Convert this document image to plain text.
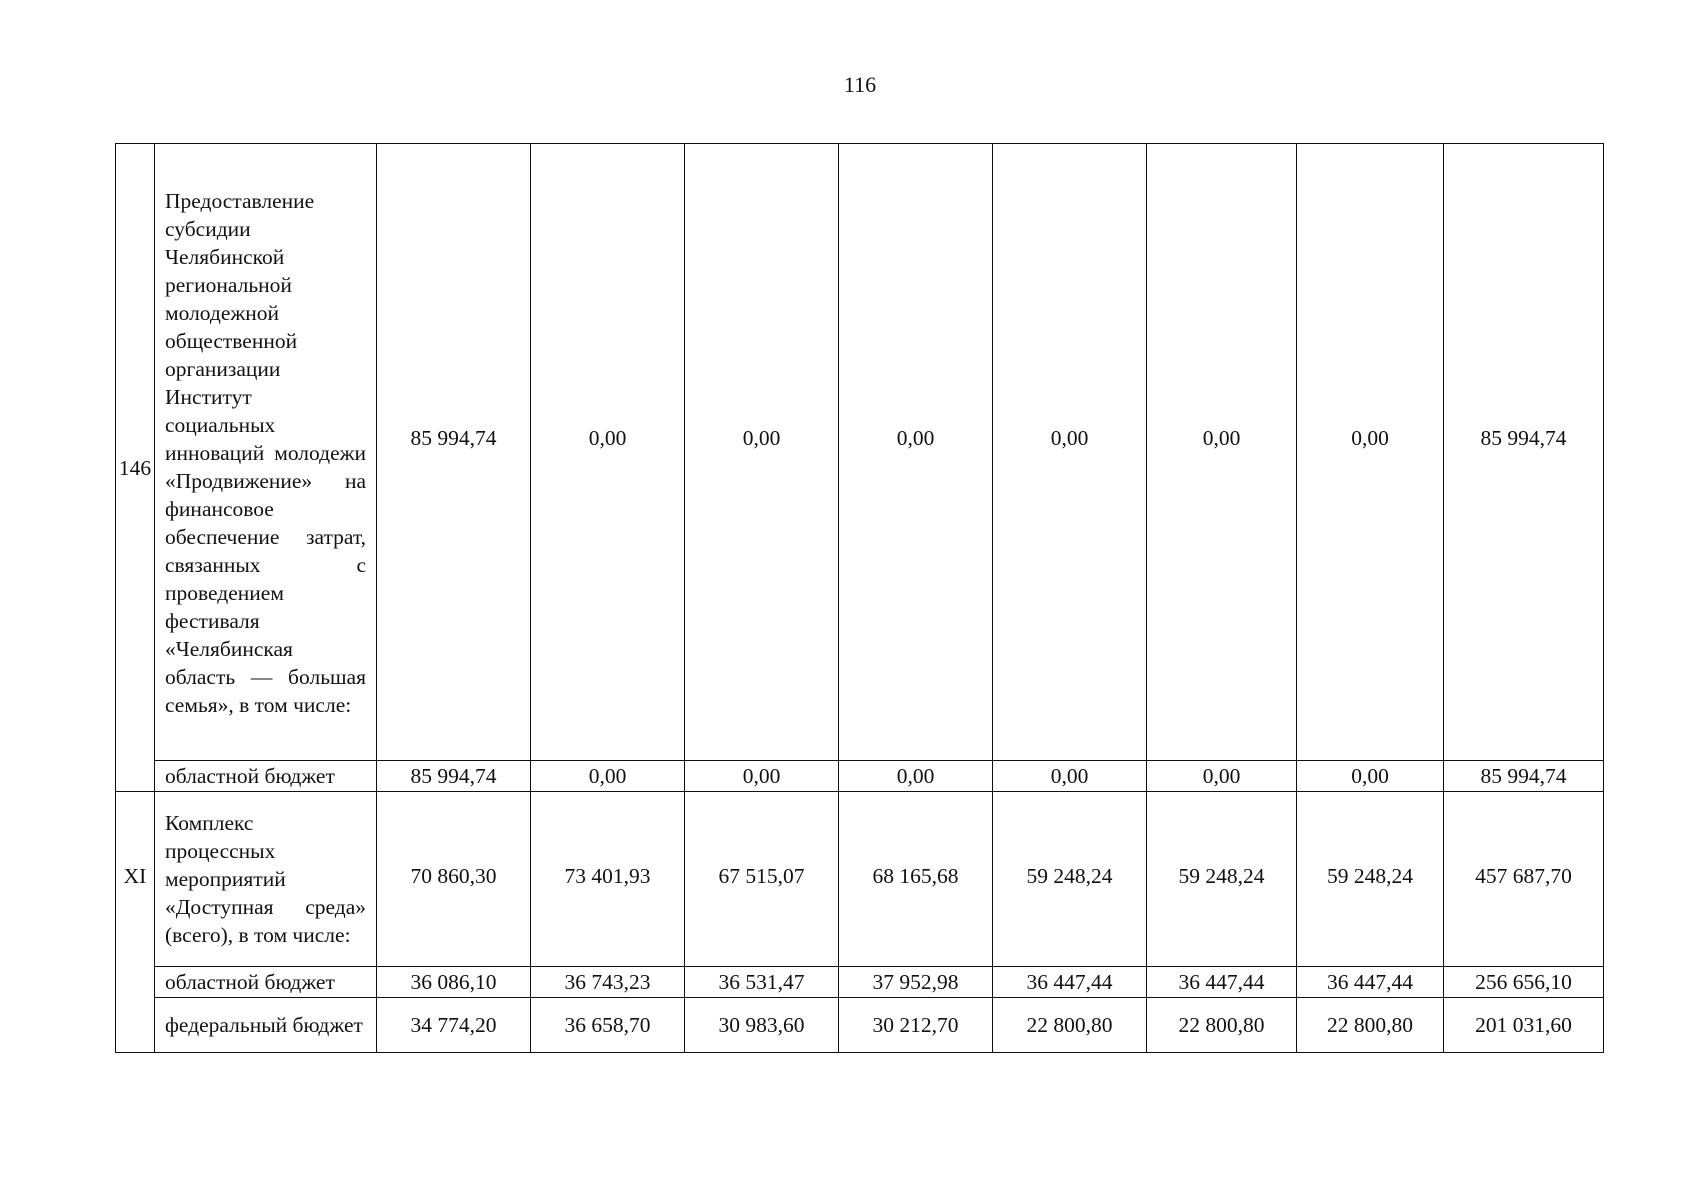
116
146	Предоставление субсидии Челябинской региональной молодежной общественной организации Институт социальных инноваций молодежи «Продвижение» на финансовое обеспечение затрат, связанных с проведением фестиваля «Челябинская область — большая семья», в том числе:	85 994,74	0,00	0,00	0,00	0,00	0,00	0,00	85 994,74
	областной бюджет	85 994,74	0,00	0,00	0,00	0,00	0,00	0,00	85 994,74
XI	Комплекс процессных мероприятий «Доступная среда» (всего), в том числе:	70 860,30	73 401,93	67 515,07	68 165,68	59 248,24	59 248,24	59 248,24	457 687,70
	областной бюджет	36 086,10	36 743,23	36 531,47	37 952,98	36 447,44	36 447,44	36 447,44	256 656,10
	федеральный бюджет	34 774,20	36 658,70	30 983,60	30 212,70	22 800,80	22 800,80	22 800,80	201 031,60
